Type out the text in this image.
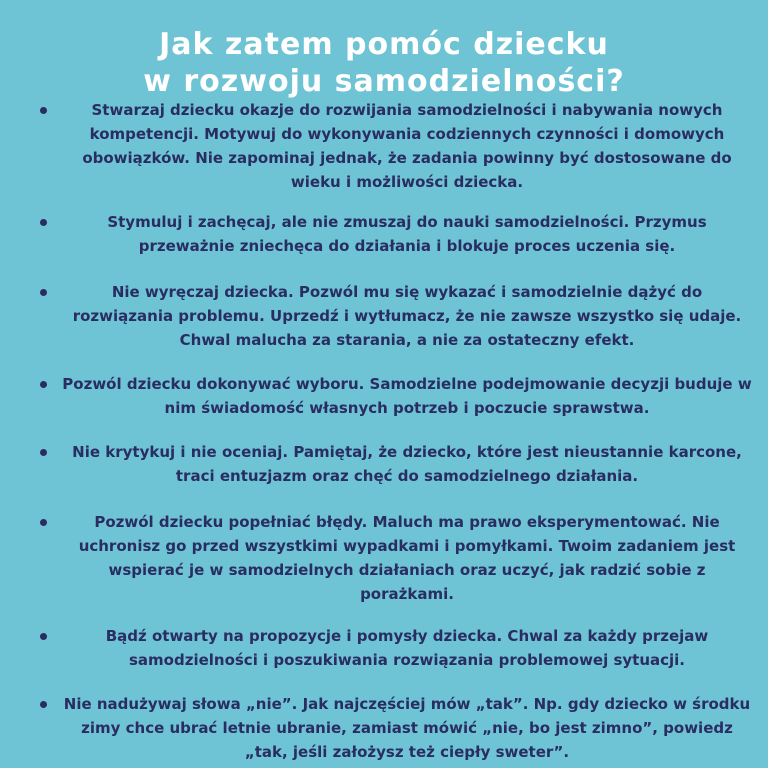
Jak zatem pomóc dziecku
w rozwoju samodzielności?
Stwarzaj dziecku okazje do rozwijania samodzielności i nabywania nowych kompetencji. Motywuj do wykonywania codziennych czynności i domowych obowiązków. Nie zapominaj jednak, że zadania powinny być dostosowane do wieku i możliwości dziecka.
Stymuluj i zachęcaj, ale nie zmuszaj do nauki samodzielności. Przymus przeważnie zniechęca do działania i blokuje proces uczenia się.
Nie wyręczaj dziecka. Pozwól mu się wykazać i samodzielnie dążyć do rozwiązania problemu. Uprzedź i wytłumacz, że nie zawsze wszystko się udaje. Chwal malucha za starania, a nie za ostateczny efekt.
Pozwól dziecku dokonywać wyboru. Samodzielne podejmowanie decyzji buduje w nim świadomość własnych potrzeb i poczucie sprawstwa.
Nie krytykuj i nie oceniaj. Pamiętaj, że dziecko, które jest nieustannie karcone, traci entuzjazm oraz chęć do samodzielnego działania.
Pozwól dziecku popełniać błędy. Maluch ma prawo eksperymentować. Nie uchronisz go przed wszystkimi wypadkami i pomyłkami. Twoim zadaniem jest wspierać je w samodzielnych działaniach oraz uczyć, jak radzić sobie z porażkami.
Bądź otwarty na propozycje i pomysły dziecka. Chwal za każdy przejaw samodzielności i poszukiwania rozwiązania problemowej sytuacji.
Nie nadużywaj słowa „nie”. Jak najczęściej mów „tak”. Np. gdy dziecko w środku zimy chce ubrać letnie ubranie, zamiast mówić „nie, bo jest zimno”, powiedz „tak, jeśli założysz też ciepły sweter”.
